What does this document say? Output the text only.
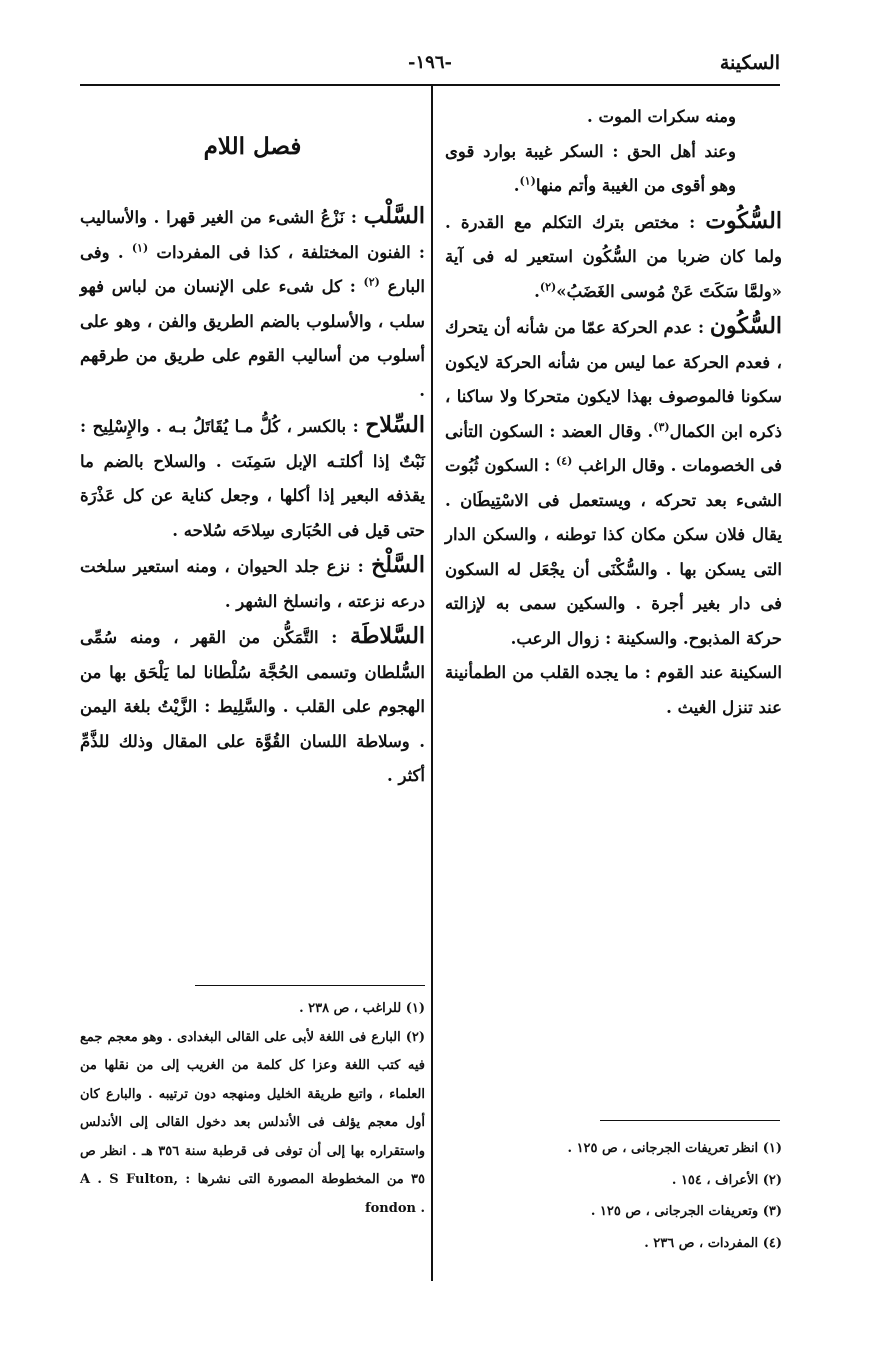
السكينة
-١٩٦-

ومنه سكرات الموت .

وعند أهل الحق : السكر غيبة بوارد قوى وهو أقوى من الغيبة وأتم منها$^{(١)}$.

السُّكُوت : مختص بترك التكلم مع القدرة . ولما كان ضربا من السُّكُون استعير له فى آية «ولمَّا سَكَتَ عَنْ مُوسى الغَضَبُ»$^{(٢)}$.

السُّكُون : عدم الحركة عمّا من شأنه أن يتحرك ، فعدم الحركة عما ليس من شأنه الحركة لايكون سكونا فالموصوف بهذا لايكون متحركا ولا ساكنا ، ذكره ابن الكمال$^{(٣)}$. وقال العضد : السكون التأنى فى الخصومات . وقال الراغب $^{(٤)}$ : السكون ثُبُوت الشىء بعد تحركه ، ويستعمل فى الاسْتِيطَان . يقال فلان سكن مكان كذا توطنه ، والسكن الدار التى يسكن بها . والسُّكْنَى أن يجْعَل له السكون فى دار بغير أجرة . والسكين سمى به لإزالته حركة المذبوح. والسكينة : زوال الرعب.

السكينة عند القوم : ما يجده القلب من الطمأنينة عند تنزل الغيث .

فصل اللام

السَّلْب : نَزْعُ الشىء من الغير قهرا . والأساليب : الفنون المختلفة ، كذا فى المفردات $^{(١)}$ . وفى البارع $^{(٢)}$ : كل شىء على الإنسان من لباس فهو سلب ، والأسلوب بالضم الطريق والفن ، وهو على أسلوب من أساليب القوم على طريق من طرقهم .

السِّلاح : بالكسر ، كُلُّ مـا يُقَاتَلُ بـه . والإِسْلِيح : نَبْتٌ إذا أكلتـه الإبل سَمِنَت . والسلاح بالضم ما يقذفه البعير إذا أكلها ، وجعل كناية عن كل عَذْرَة حتى قيل فى الحُبَارى سِلاحَه سُلاحه .

السَّلْخ : نزع جلد الحيوان ، ومنه استعير سلخت درعه نزعته ، وانسلخ الشهر .

السَّلاطَة : التَّمَكُّن من القهر ، ومنه سُمِّى السُّلطان وتسمى الحُجَّة سُلْطانا لما يَلْحَق بها من الهجوم على القلب . والسَّلِيط : الزَّيْتُ بلغة اليمن . وسلاطة اللسان القُوَّة على المقال وذلك للذَّمِّ أكثر .

(١) للراغب ، ص ٢٣٨ .

(٢) البارع فى اللغة لأبى على القالى البغدادى . وهو معجم جمع فيه كتب اللغة وعزا كل كلمة من الغريب إلى من نقلها من العلماء ، واتبع طريقة الخليل ومنهجه دون ترتيبه . والبارع كان أول معجم يؤلف فى الأندلس بعد دخول القالى إلى الأندلس واستقراره بها إلى أن توفى فى قرطبة سنة ٣٥٦ هـ . انظر ص ٣٥ من المخطوطة المصورة التى نشرها : A . S Fulton, fondon .

(١) انظر تعريفات الجرجانى ، ص ١٢٥ .

(٢) الأعراف ، ١٥٤ .

(٣) وتعريفات الجرجانى ، ص ١٢٥ .

(٤) المفردات ، ص ٢٣٦ .
